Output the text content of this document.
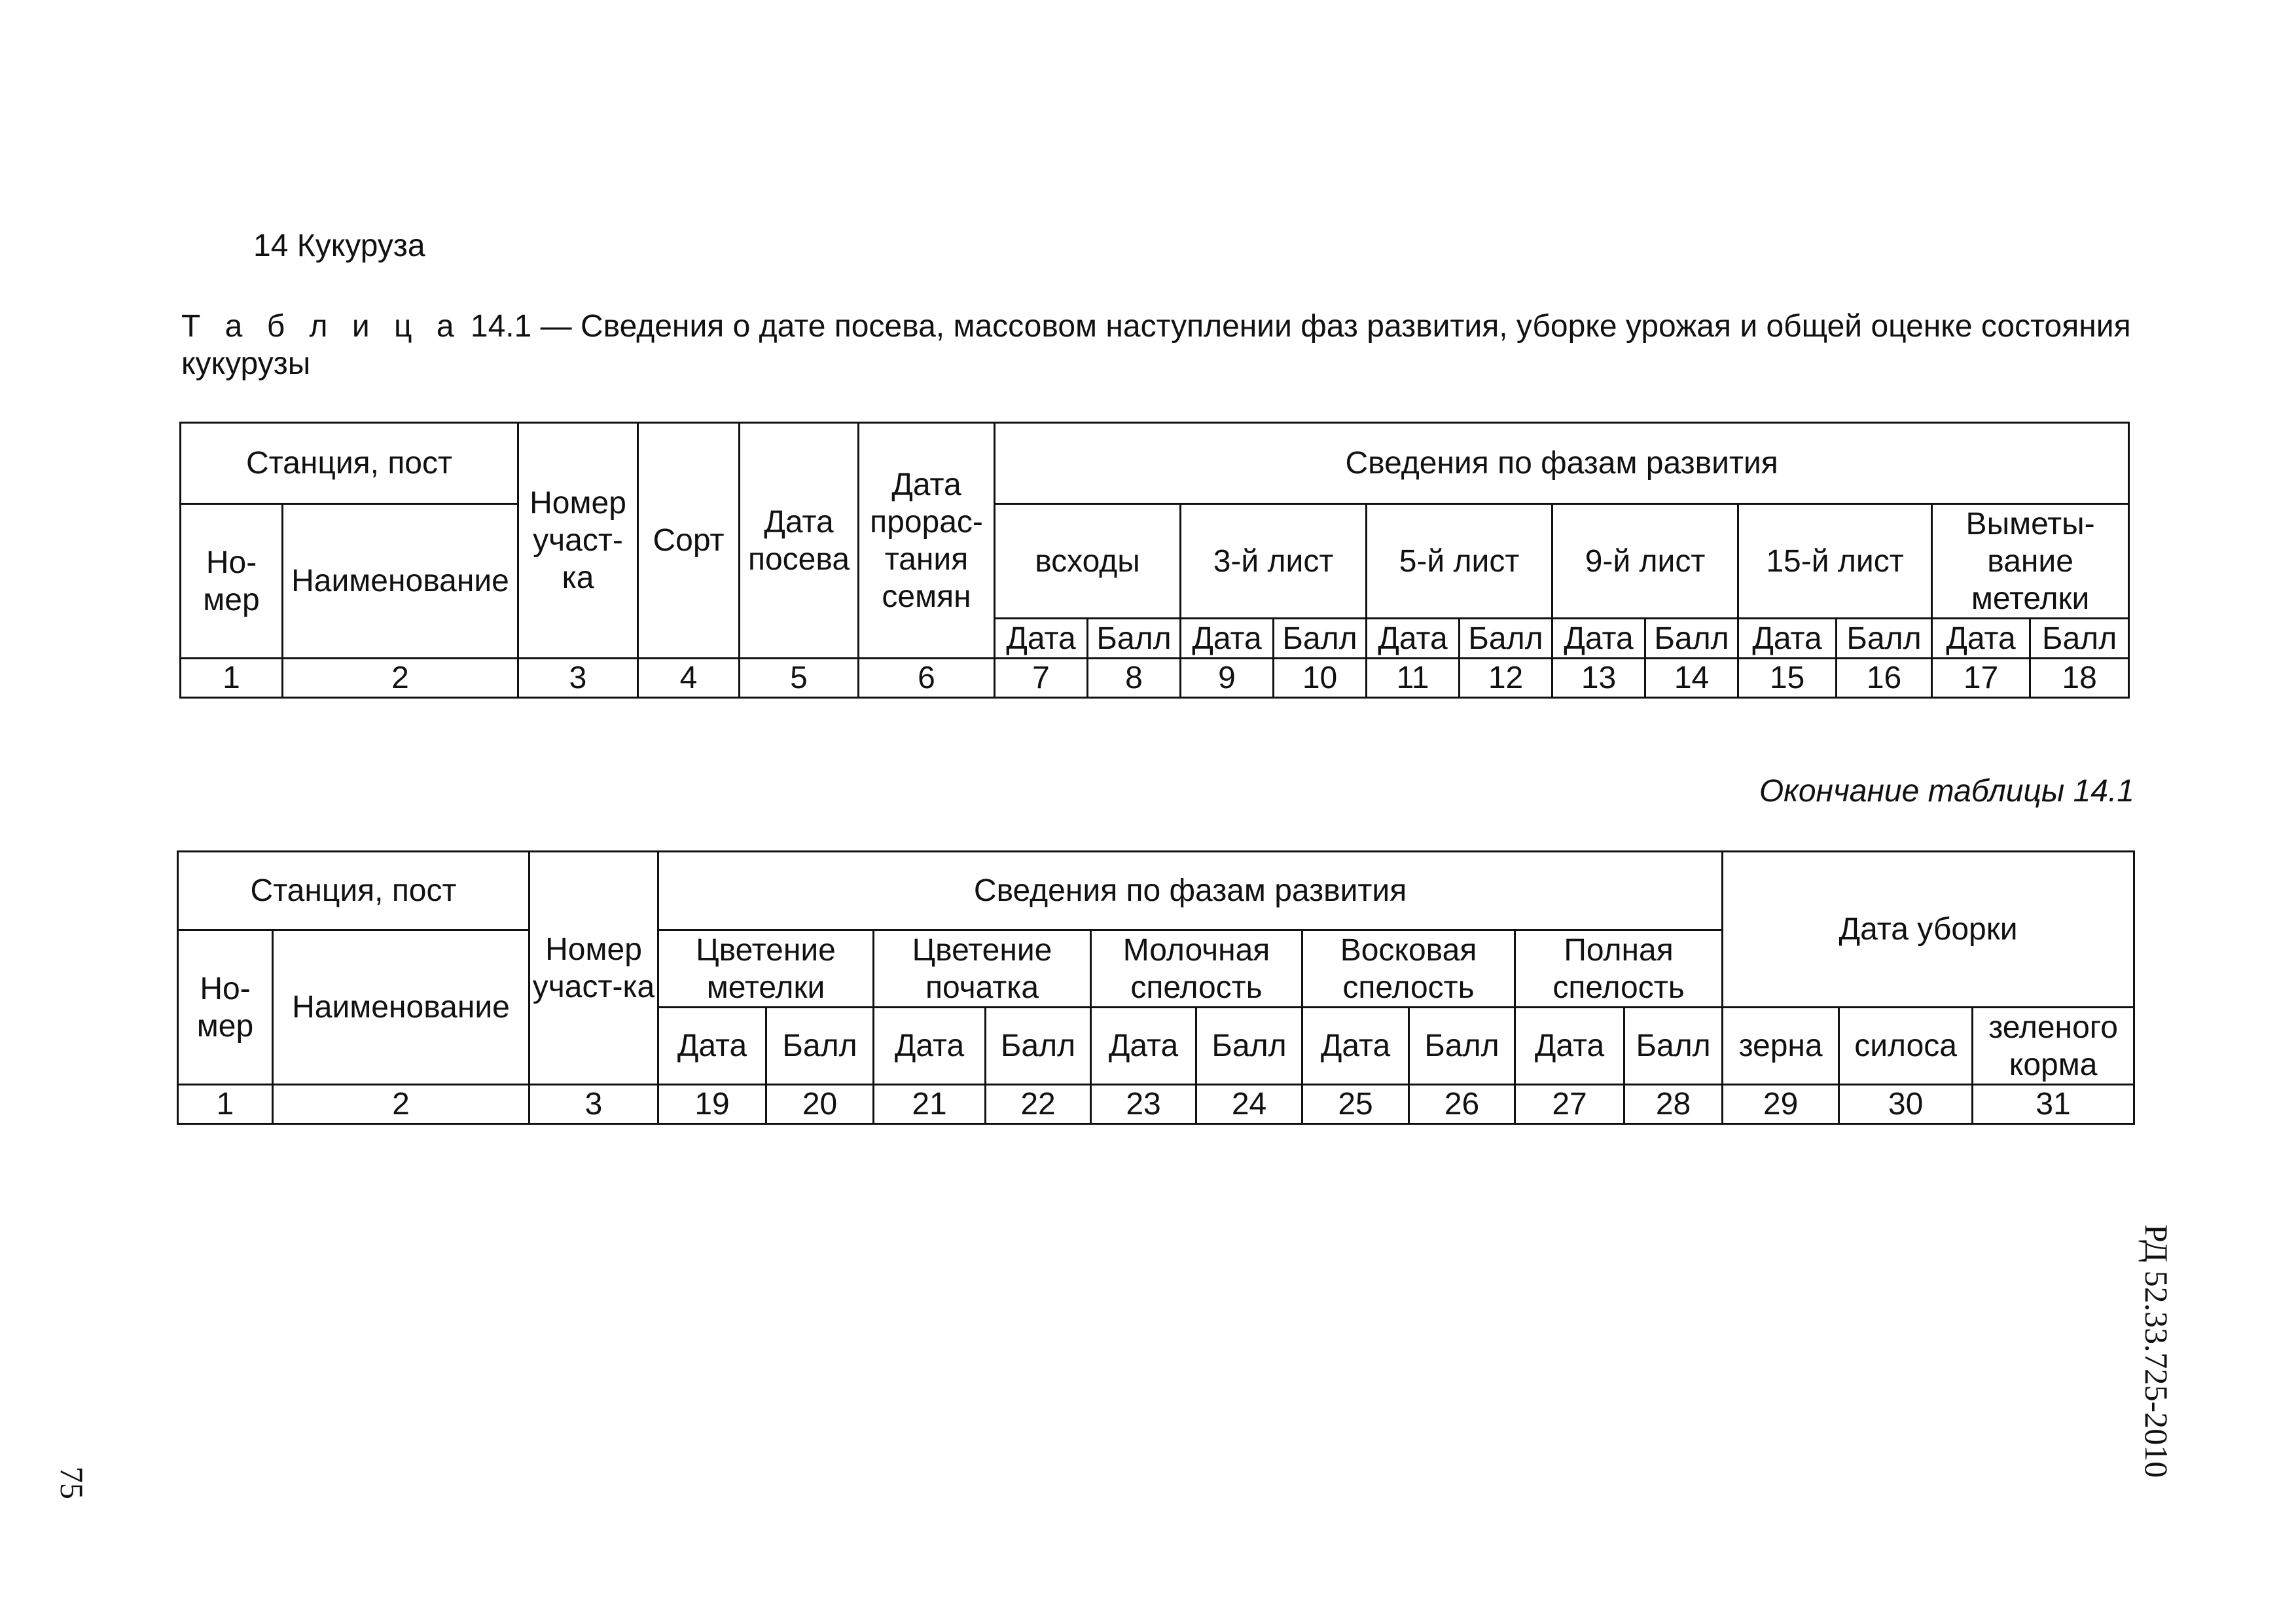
14 Кукуруза
Т а б л и ц а 14.1 — Сведения о дате посева, массовом наступлении фаз развития, уборке урожая и общей оценке состояния кукурузы
Станция, пост		Номер участ-ка	Сорт	Дата посева	Дата прорас-тания семян	Сведения по фазам развития											
Но-мер	Наименование					всходы		3-й лист		5-й лист		9-й лист		15-й лист		Выметы-вание метелки	
						Дата	Балл	Дата	Балл	Дата	Балл	Дата	Балл	Дата	Балл	Дата	Балл
1	2	3	4	5	6	7	8	9	10	11	12	13	14	15	16	17	18
Окончание таблицы 14.1
Станция, пост		Номер участ-ка	Сведения по фазам развития										Дата уборки		
Но-мер	Наименование		Цветение метелки		Цветение початка		Молочная спелость		Восковая спелость		Полная спелость				
			Дата	Балл	Дата	Балл	Дата	Балл	Дата	Балл	Дата	Балл	зерна	силоса	зеленого корма
1	2	3	19	20	21	22	23	24	25	26	27	28	29	30	31
РД 52.33.725-2010
75
